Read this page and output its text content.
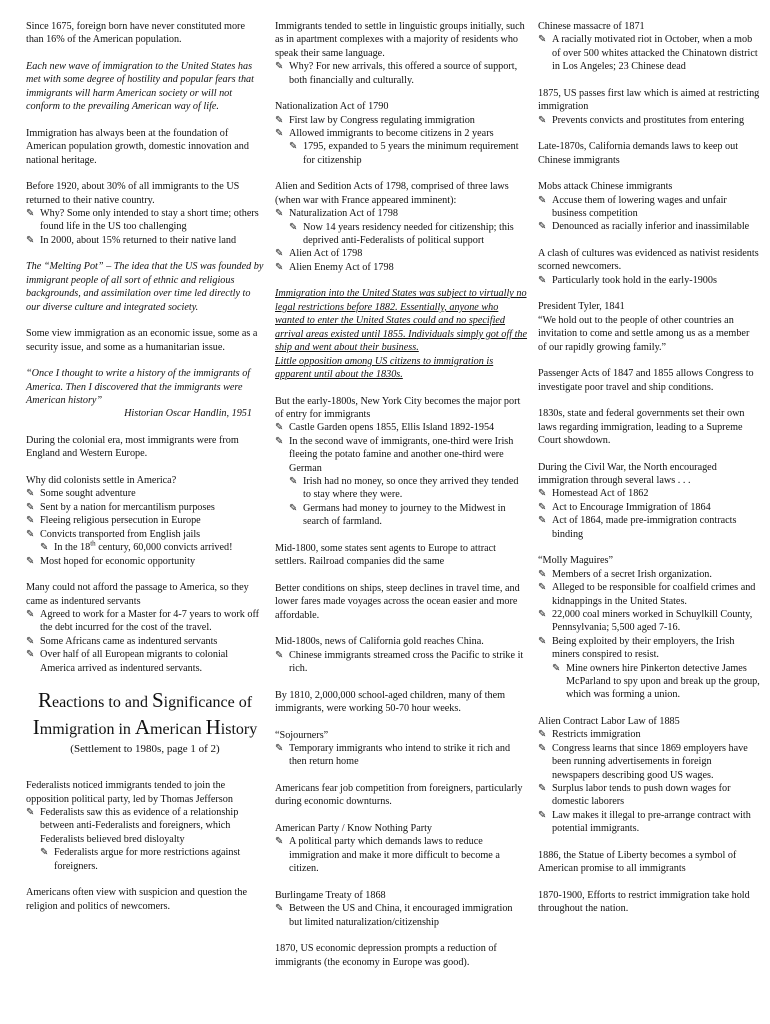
Since 1675, foreign born have never constituted more than 16% of the American population.

Each new wave of immigration to the United States has met with some degree of hostility and popular fears that immigrants will harm American society or will not conform to the prevailing American way of life.

Immigration has always been at the foundation of American population growth, domestic innovation and national heritage.

Before 1920, about 30% of all immigrants to the US returned to their native country.

✎ Why? Some only intended to stay a short time; others found life in the US too challenging
✎ In 2000, about 15% returned to their native land

The “Melting Pot” – The idea that the US was founded by immigrant people of all sort of ethnic and religious backgrounds, and assimilation over time led directly to our diverse culture and integrated society.

Some view immigration as an economic issue, some as a security issue, and some as a humanitarian issue.

“Once I thought to write a history of the immigrants of America. Then I discovered that the immigrants were American history”

Historian Oscar Handlin, 1951

During the colonial era, most immigrants were from England and Western Europe.

Why did colonists settle in America?

✎ Some sought adventure
✎ Sent by a nation for mercantilism purposes
✎ Fleeing religious persecution in Europe
✎ Convicts transported from English jails
✎ In the 18th century, 60,000 convicts arrived!
✎ Most hoped for economic opportunity

Many could not afford the passage to America, so they came as indentured servants

✎ Agreed to work for a Master for 4-7 years to work off the debt incurred for the cost of the travel.
✎ Some Africans came as indentured servants
✎ Over half of all European migrants to colonial America arrived as indentured servants.
Reactions to and Significance of
Immigration in American History
(Settlement to 1980s, page 1 of 2)

Federalists noticed immigrants tended to join the opposition political party, led by Thomas Jefferson

✎ Federalists saw this as evidence of a relationship between anti-Federalists and foreigners, which Federalists believed bred disloyalty
✎ Federalists argue for more restrictions against foreigners.

Americans often view with suspicion and question the religion and politics of newcomers.

Immigrants tended to settle in linguistic groups initially, such as in apartment complexes with a majority of residents who speak their same language.

✎ Why? For new arrivals, this offered a source of support, both financially and culturally.

Nationalization Act of 1790

✎ First law by Congress regulating immigration
✎ Allowed immigrants to become citizens in 2 years
✎ 1795, expanded to 5 years the minimum requirement for citizenship

Alien and Sedition Acts of 1798, comprised of three laws (when war with France appeared imminent):

✎ Naturalization Act of 1798
✎ Now 14 years residency needed for citizenship; this deprived anti-Federalists of political support
✎ Alien Act of 1798
✎ Alien Enemy Act of 1798

Immigration into the United States was subject to virtually no legal restrictions before 1882. Essentially, anyone who wanted to enter the United States could and no specified arrival areas existed until 1855. Individuals simply got off the ship and went about their business.

Little opposition among US citizens to immigration is apparent until about the 1830s.

But the early-1800s, New York City becomes the major port of entry for immigrants

✎ Castle Garden opens 1855, Ellis Island 1892-1954
✎ In the second wave of immigrants, one-third were Irish fleeing the potato famine and another one-third were German
✎ Irish had no money, so once they arrived they tended to stay where they were.
✎ Germans had money to journey to the Midwest in search of farmland.

Mid-1800, some states sent agents to Europe to attract settlers. Railroad companies did the same

Better conditions on ships, steep declines in travel time, and lower fares made voyages across the ocean easier and more affordable.

Mid-1800s, news of California gold reaches China.

✎ Chinese immigrants streamed cross the Pacific to strike it rich.

By 1810, 2,000,000 school-aged children, many of them immigrants, were working 50-70 hour weeks.

“Sojourners”

✎ Temporary immigrants who intend to strike it rich and then return home

Americans fear job competition from foreigners, particularly during economic downturns.

American Party / Know Nothing Party

✎ A political party which demands laws to reduce immigration and make it more difficult to become a citizen.

Burlingame Treaty of 1868

✎ Between the US and China, it encouraged immigration but limited naturalization/citizenship

1870, US economic depression prompts a reduction of immigrants (the economy in Europe was good).

Chinese massacre of 1871

✎ A racially motivated riot in October, when a mob of over 500 whites attacked the Chinatown district in Los Angeles; 23 Chinese dead

1875, US passes first law which is aimed at restricting immigration

✎ Prevents convicts and prostitutes from entering

Late-1870s, California demands laws to keep out Chinese immigrants

Mobs attack Chinese immigrants

✎ Accuse them of lowering wages and unfair business competition
✎ Denounced as racially inferior and inassimilable

A clash of cultures was evidenced as nativist residents scorned newcomers.

✎ Particularly took hold in the early-1900s

President Tyler, 1841

“We hold out to the people of other countries an invitation to come and settle among us as a member of our rapidly growing family.”

Passenger Acts of 1847 and 1855 allows Congress to investigate poor travel and ship conditions.

1830s, state and federal governments set their own laws regarding immigration, leading to a Supreme Court showdown.

During the Civil War, the North encouraged immigration through several laws . . .

✎ Homestead Act of 1862
✎ Act to Encourage Immigration of 1864
✎ Act of 1864, made pre-immigration contracts binding

“Molly Maguires”

✎ Members of a secret Irish organization.
✎ Alleged to be responsible for coalfield crimes and kidnappings in the United States.
✎ 22,000 coal miners worked in Schuylkill County, Pennsylvania; 5,500 aged 7-16.
✎ Being exploited by their employers, the Irish miners conspired to resist.
✎ Mine owners hire Pinkerton detective James McParland to spy upon and break up the group, which was forming a union.

Alien Contract Labor Law of 1885

✎ Restricts immigration
✎ Congress learns that since 1869 employers have been running advertisements in foreign newspapers describing good US wages.
✎ Surplus labor tends to push down wages for domestic laborers
✎ Law makes it illegal to pre-arrange contract with potential immigrants.

1886, the Statue of Liberty becomes a symbol of American promise to all immigrants

1870-1900, Efforts to restrict immigration take hold throughout the nation.
